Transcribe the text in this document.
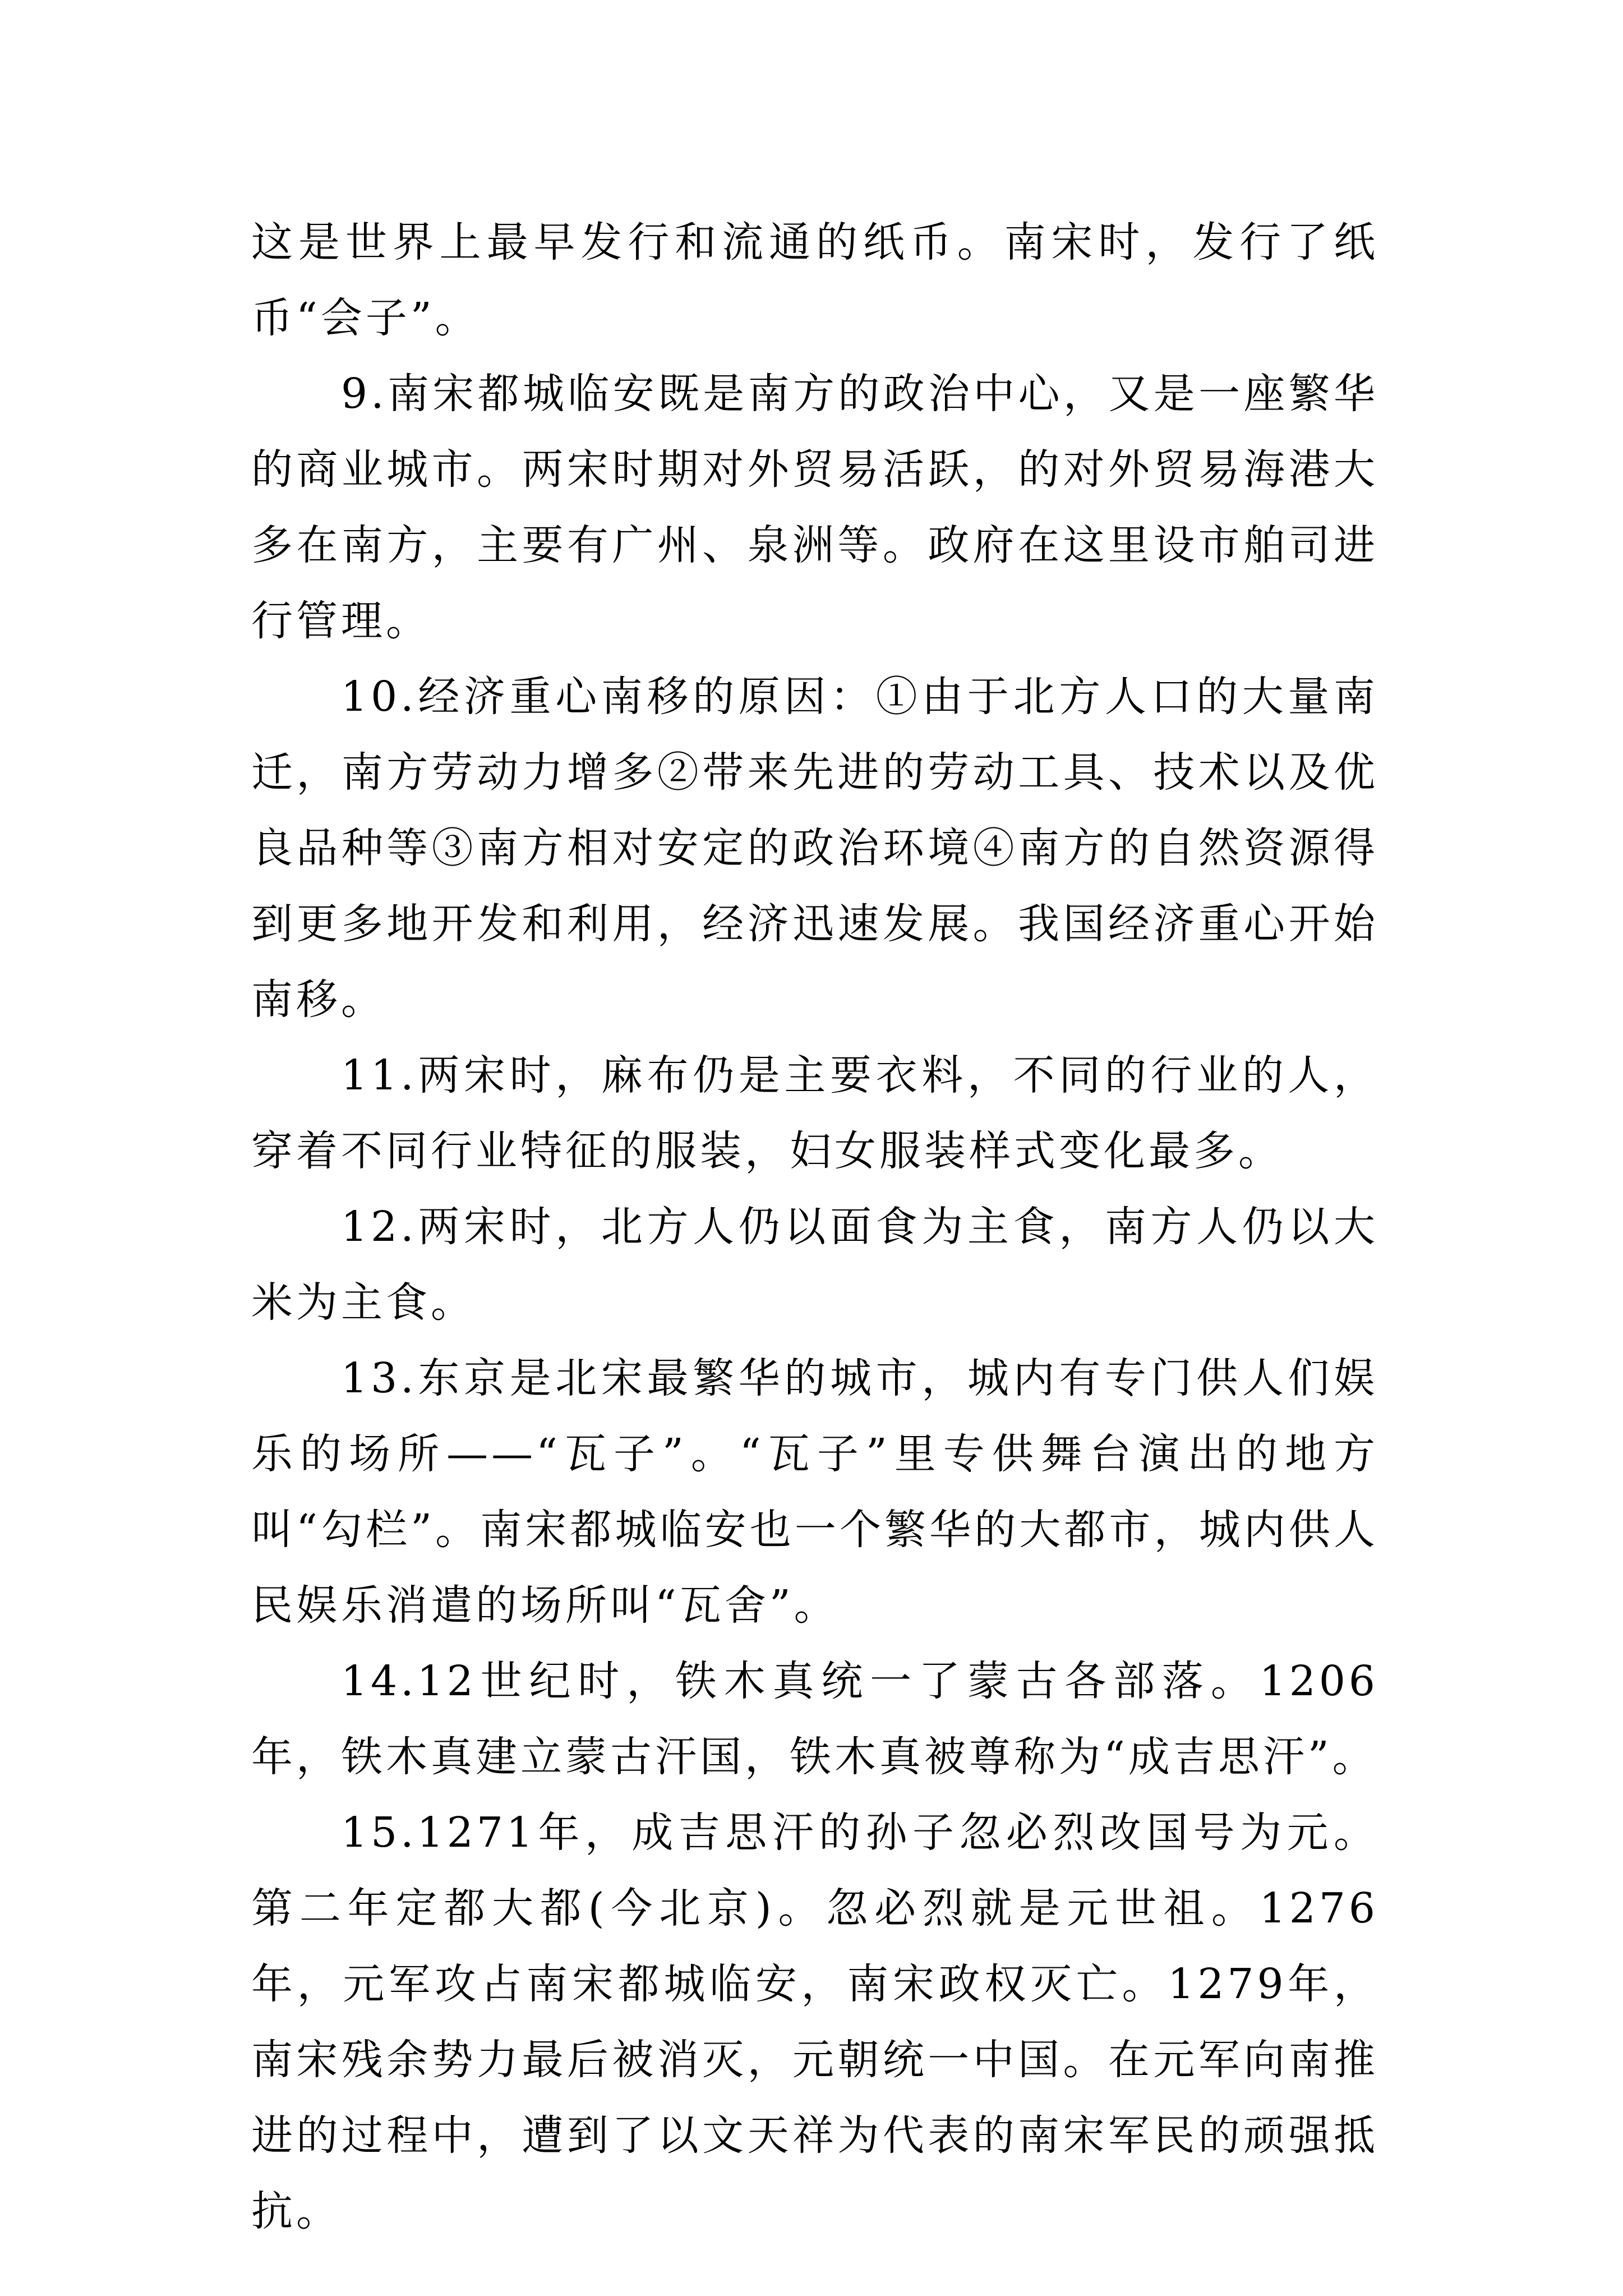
这是世界上最早发行和流通的纸币。南宋时，发行了纸币“会子”。

9.南宋都城临安既是南方的政治中心，又是一座繁华的商业城市。两宋时期对外贸易活跃，的对外贸易海港大多在南方，主要有广州、泉洲等。政府在这里设市舶司进行管理。

10.经济重心南移的原因：①由于北方人口的大量南迁，南方劳动力增多②带来先进的劳动工具、技术以及优良品种等③南方相对安定的政治环境④南方的自然资源得到更多地开发和利用，经济迅速发展。我国经济重心开始南移。

11.两宋时，麻布仍是主要衣料，不同的行业的人，穿着不同行业特征的服装，妇女服装样式变化最多。

12.两宋时，北方人仍以面食为主食，南方人仍以大米为主食。

13.东京是北宋最繁华的城市，城内有专门供人们娱乐的场所——“瓦子”。“瓦子”里专供舞台演出的地方叫“勾栏”。南宋都城临安也一个繁华的大都市，城内供人民娱乐消遣的场所叫“瓦舍”。

14.12世纪时，铁木真统一了蒙古各部落。1206年，铁木真建立蒙古汗国，铁木真被尊称为“成吉思汗”。

15.1271年，成吉思汗的孙子忽必烈改国号为元。第二年定都大都(今北京)。忽必烈就是元世祖。1276年，元军攻占南宋都城临安，南宋政权灭亡。1279年，南宋残余势力最后被消灭，元朝统一中国。在元军向南推进的过程中，遭到了以文天祥为代表的南宋军民的顽强抵抗。
